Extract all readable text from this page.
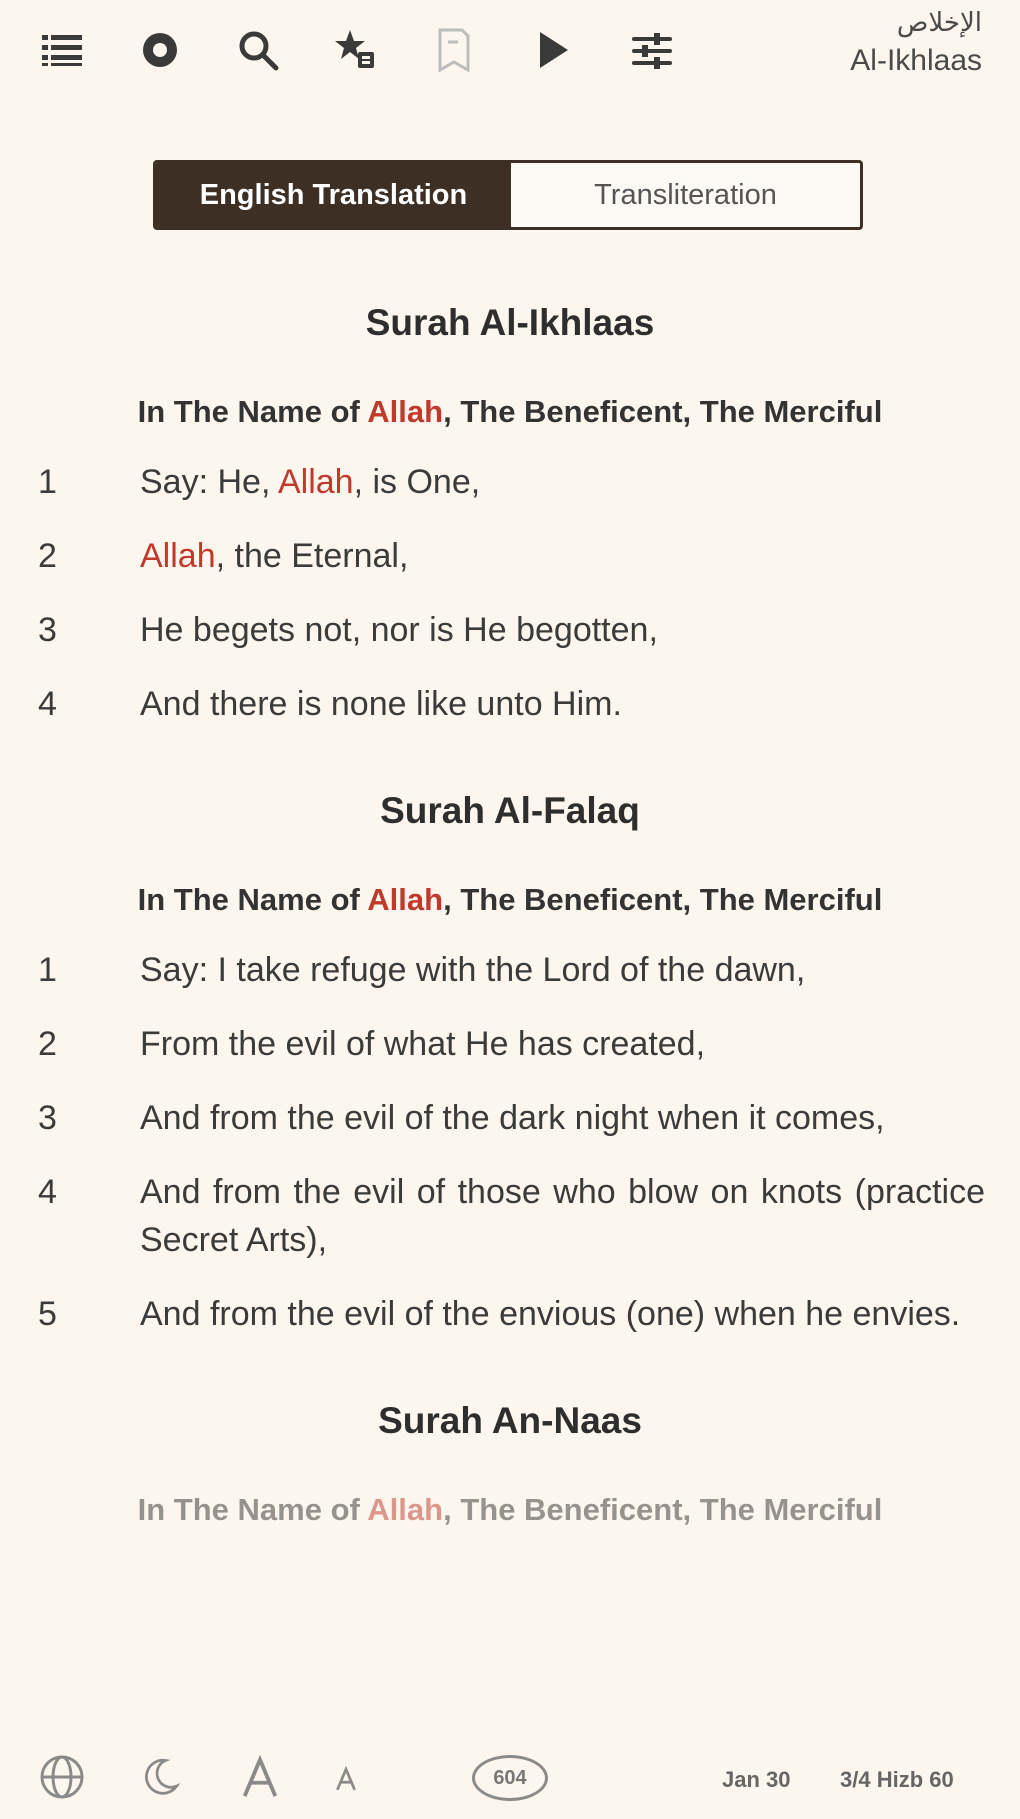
الإخلاص
Al-Ikhlaas
English Translation	Transliteration
Surah Al-Ikhlaas
In The Name of Allah, The Beneficent, The Merciful
1	Say: He, Allah, is One,
2	Allah, the Eternal,
3	He begets not, nor is He begotten,
4	And there is none like unto Him.
Surah Al-Falaq
In The Name of Allah, The Beneficent, The Merciful
1	Say: I take refuge with the Lord of the dawn,
2	From the evil of what He has created,
3	And from the evil of the dark night when it comes,
4	And from the evil of those who blow on knots (practice Secret Arts),
5	And from the evil of the envious (one) when he envies.
Surah An-Naas
In The Name of Allah, The Beneficent, The Merciful
604	Jan 30 3/4 Hizb 60
